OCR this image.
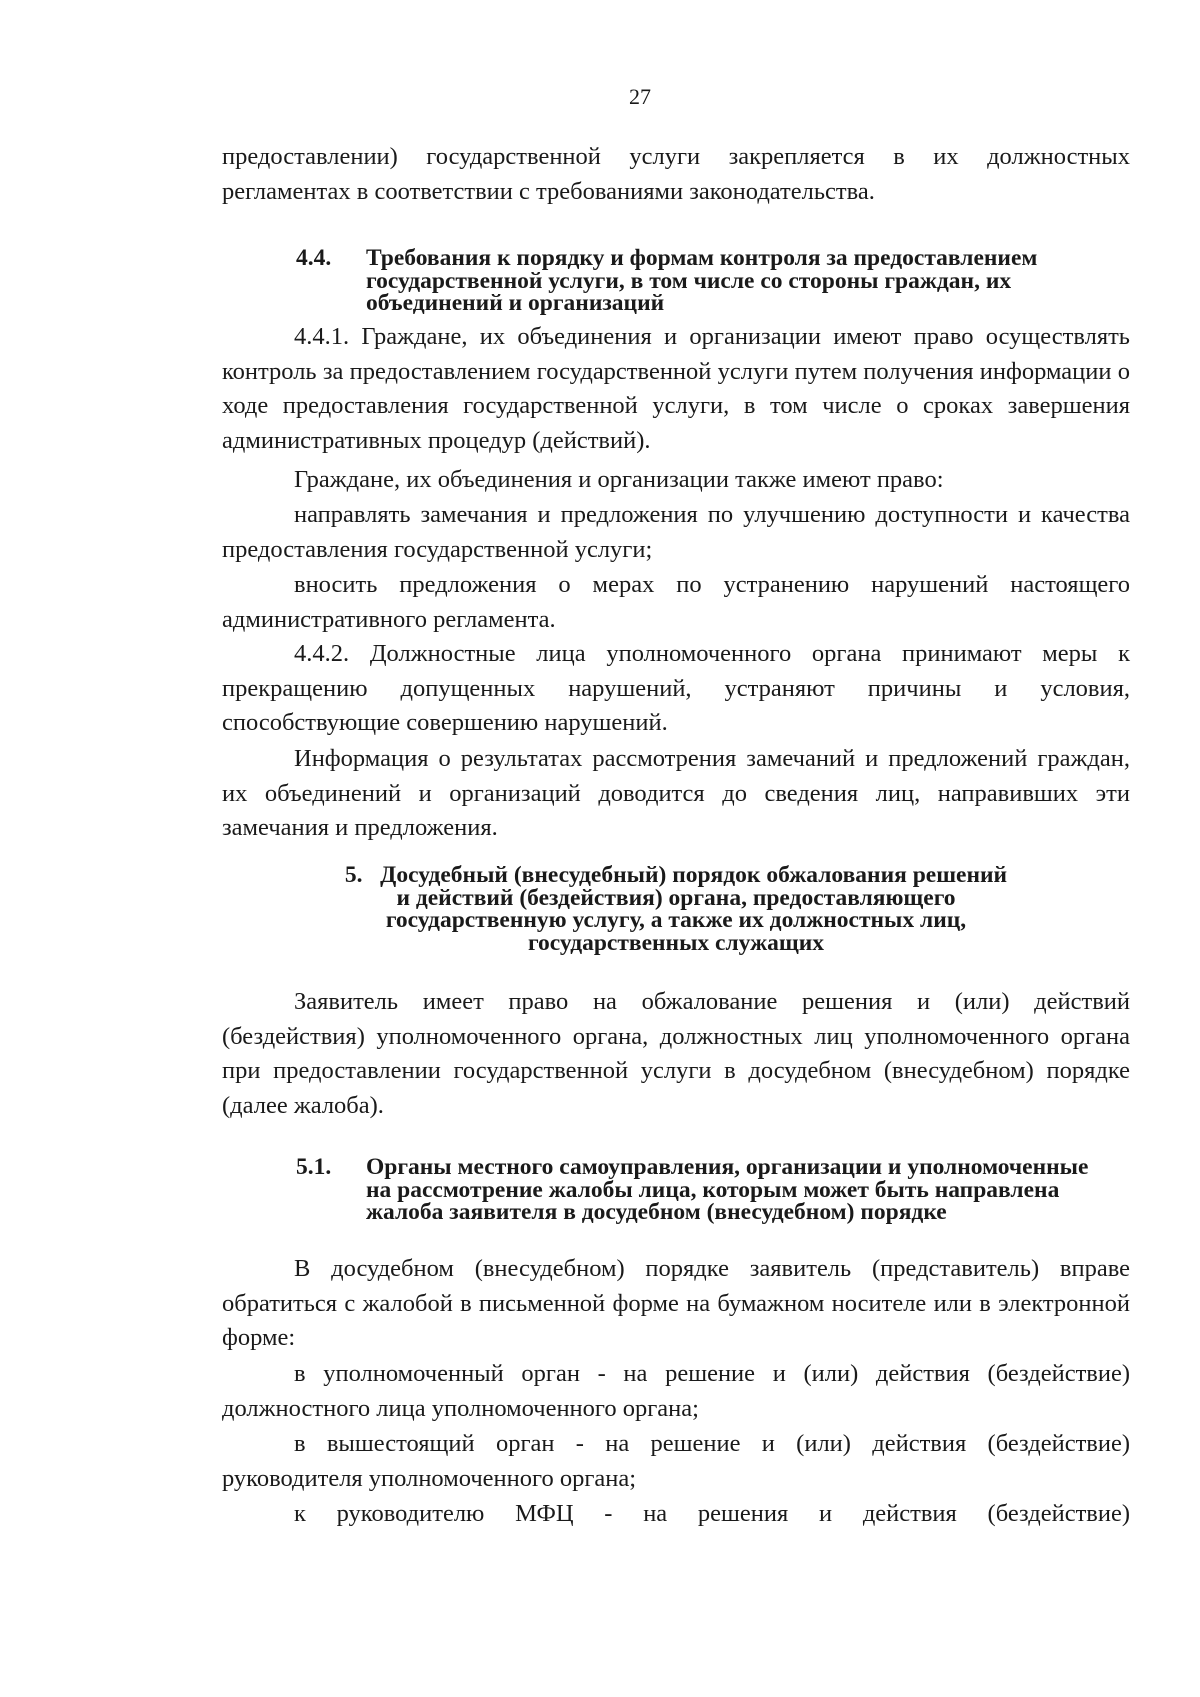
27

предоставлении) государственной услуги закрепляется в их должностных регламентах в соответствии с требованиями законодательства.

4.4.	Требования к порядку и формам контроля за предоставлением государственной услуги, в том числе со стороны граждан, их объединений и организаций

4.4.1. Граждане, их объединения и организации имеют право осуществлять контроль за предоставлением государственной услуги путем получения информации о ходе предоставления государственной услуги, в том числе о сроках завершения административных процедур (действий).

Граждане, их объединения и организации также имеют право:

направлять замечания и предложения по улучшению доступности и качества предоставления государственной услуги;

вносить предложения о мерах по устранению нарушений настоящего административного регламента.

4.4.2. Должностные лица уполномоченного органа принимают меры к прекращению допущенных нарушений, устраняют причины и условия, способствующие совершению нарушений.

Информация о результатах рассмотрения замечаний и предложений граждан, их объединений и организаций доводится до сведения лиц, направивших эти замечания и предложения.

5.   Досудебный (внесудебный) порядок обжалования решений
и действий (бездействия) органа, предоставляющего
государственную услугу, а также их должностных лиц,
государственных служащих

Заявитель имеет право на обжалование решения и (или) действий (бездействия) уполномоченного органа, должностных лиц уполномоченного органа при предоставлении государственной услуги в досудебном (внесудебном) порядке (далее жалоба).

5.1.	Органы местного самоуправления, организации и уполномоченные на рассмотрение жалобы лица, которым может быть направлена жалоба заявителя в досудебном (внесудебном) порядке

В досудебном (внесудебном) порядке заявитель (представитель) вправе обратиться с жалобой в письменной форме на бумажном носителе или в электронной форме:

в уполномоченный орган - на решение и (или) действия (бездействие) должностного лица уполномоченного органа;

в вышестоящий орган - на решение и (или) действия (бездействие) руководителя уполномоченного органа;

к руководителю МФЦ - на решения и действия (бездействие)
